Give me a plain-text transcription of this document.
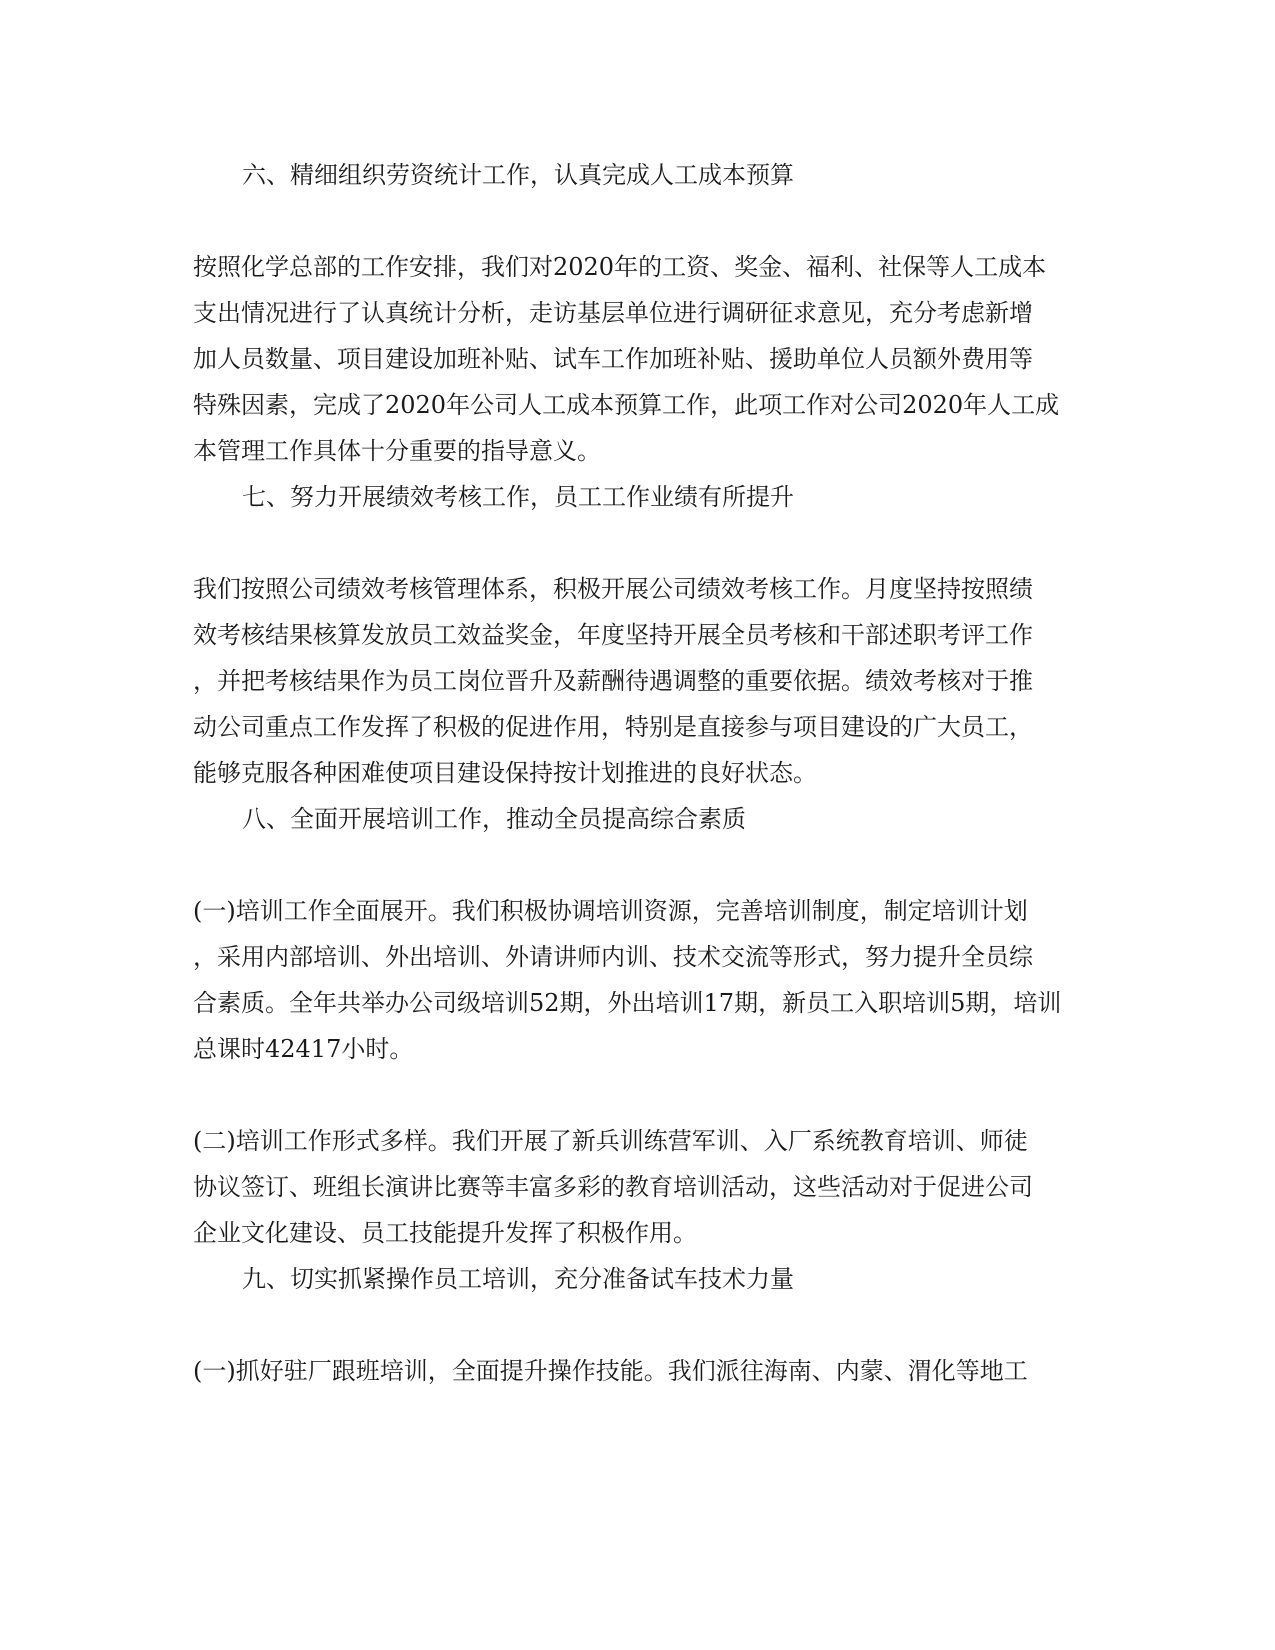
六、精细组织劳资统计工作，认真完成人工成本预算
按照化学总部的工作安排，我们对2020年的工资、奖金、福利、社保等人工成本
支出情况进行了认真统计分析，走访基层单位进行调研征求意见，充分考虑新增
加人员数量、项目建设加班补贴、试车工作加班补贴、援助单位人员额外费用等
特殊因素，完成了2020年公司人工成本预算工作，此项工作对公司2020年人工成
本管理工作具体十分重要的指导意义。
七、努力开展绩效考核工作，员工工作业绩有所提升
我们按照公司绩效考核管理体系，积极开展公司绩效考核工作。月度坚持按照绩
效考核结果核算发放员工效益奖金，年度坚持开展全员考核和干部述职考评工作
，并把考核结果作为员工岗位晋升及薪酬待遇调整的重要依据。绩效考核对于推
动公司重点工作发挥了积极的促进作用，特别是直接参与项目建设的广大员工，
能够克服各种困难使项目建设保持按计划推进的良好状态。
八、全面开展培训工作，推动全员提高综合素质
(一)培训工作全面展开。我们积极协调培训资源，完善培训制度，制定培训计划
，采用内部培训、外出培训、外请讲师内训、技术交流等形式，努力提升全员综
合素质。全年共举办公司级培训52期，外出培训17期，新员工入职培训5期，培训
总课时42417小时。
(二)培训工作形式多样。我们开展了新兵训练营军训、入厂系统教育培训、师徒
协议签订、班组长演讲比赛等丰富多彩的教育培训活动，这些活动对于促进公司
企业文化建设、员工技能提升发挥了积极作用。
九、切实抓紧操作员工培训，充分准备试车技术力量
(一)抓好驻厂跟班培训，全面提升操作技能。我们派往海南、内蒙、渭化等地工
